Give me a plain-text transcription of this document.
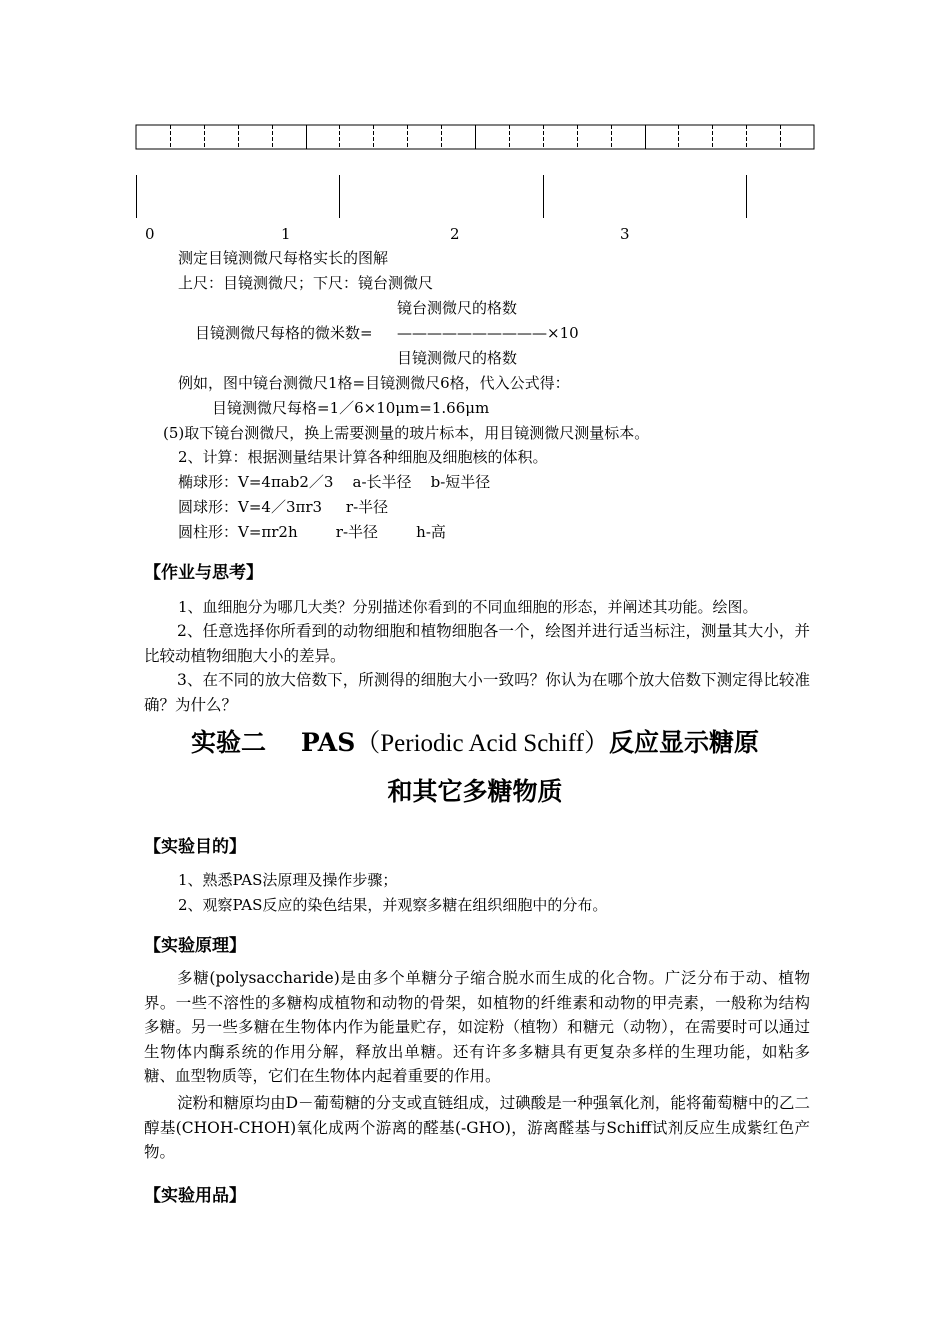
0	1	2	3
测定目镜测微尺每格实长的图解
上尺：目镜测微尺；下尺：镜台测微尺
镜台测微尺的格数
目镜测微尺每格的微米数= ——————————×10
目镜测微尺的格数
例如，图中镜台测微尺1格=目镜测微尺6格，代入公式得：
目镜测微尺每格=1／6×10μm=1.66μm
(5)取下镜台测微尺，换上需要测量的玻片标本，用目镜测微尺测量标本。
2、计算：根据测量结果计算各种细胞及细胞核的体积。
椭球形：V=4πab2／3    a-长半径    b-短半径
圆球形：V=4／3πr3     r-半径
圆柱形：V=πr2h        r-半径        h-高
【作业与思考】
1、血细胞分为哪几大类？分别描述你看到的不同血细胞的形态，并阐述其功能。绘图。
2、任意选择你所看到的动物细胞和植物细胞各一个，绘图并进行适当标注，测量其大小，并比较动植物细胞大小的差异。
3、在不同的放大倍数下，所测得的细胞大小一致吗？你认为在哪个放大倍数下测定得比较准确？为什么？
实验二    PAS（Periodic Acid Schiff）反应显示糖原
和其它多糖物质
【实验目的】
1、熟悉PAS法原理及操作步骤；
2、观察PAS反应的染色结果，并观察多糖在组织细胞中的分布。
【实验原理】
多糖(polysaccharide)是由多个单糖分子缩合脱水而生成的化合物。广泛分布于动、植物界。一些不溶性的多糖构成植物和动物的骨架，如植物的纤维素和动物的甲壳素，一般称为结构多糖。另一些多糖在生物体内作为能量贮存，如淀粉（植物）和糖元（动物），在需要时可以通过生物体内酶系统的作用分解，释放出单糖。还有许多多糖具有更复杂多样的生理功能，如粘多糖、血型物质等，它们在生物体内起着重要的作用。
淀粉和糖原均由D－葡萄糖的分支或直链组成，过碘酸是一种强氧化剂，能将葡萄糖中的乙二醇基(CHOH-CHOH)氧化成两个游离的醛基(-GHO)，游离醛基与Schiff试剂反应生成紫红色产物。
【实验用品】
